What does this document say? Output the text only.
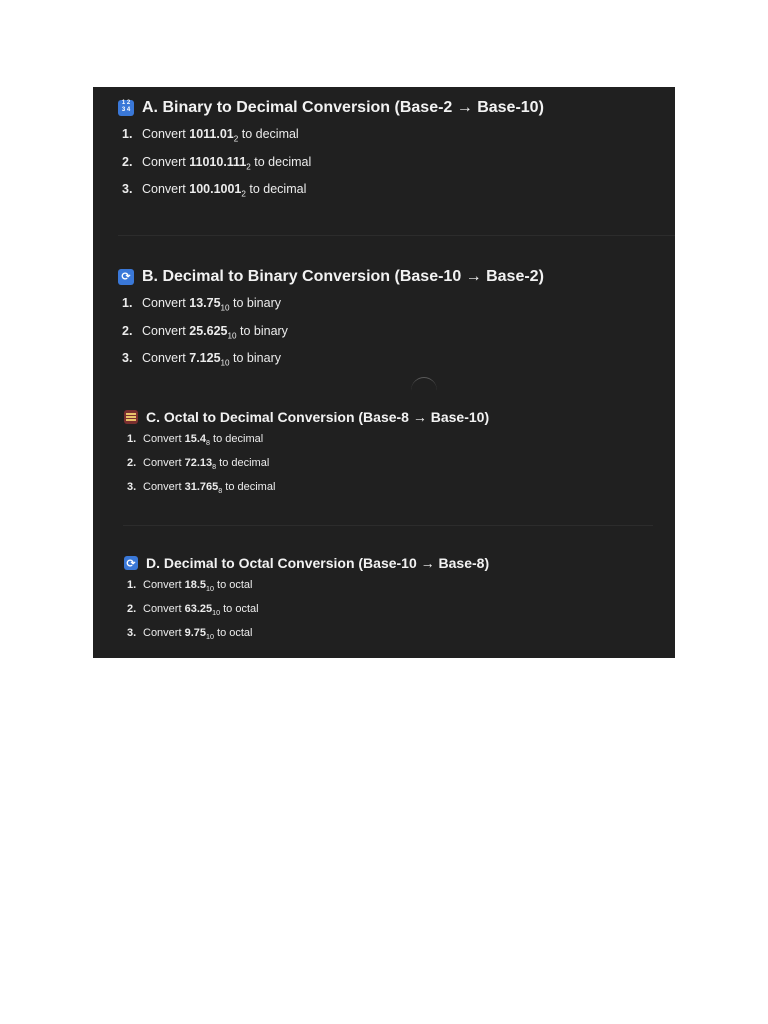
1 2
3 4 A. Binary to Decimal Conversion (Base-2 → Base-10)
1. Convert $1011.01_2$ to decimal
2. Convert $11010.111_2$ to decimal
3. Convert $100.1001_2$ to decimal
⟳ B. Decimal to Binary Conversion (Base-10 → Base-2)
1. Convert $13.75_{10}$ to binary
2. Convert $25.625_{10}$ to binary
3. Convert $7.125_{10}$ to binary
C. Octal to Decimal Conversion (Base-8 → Base-10)
1. Convert $15.4_8$ to decimal
2. Convert $72.13_8$ to decimal
3. Convert $31.765_8$ to decimal
⟳ D. Decimal to Octal Conversion (Base-10 → Base-8)
1. Convert $18.5_{10}$ to octal
2. Convert $63.25_{10}$ to octal
3. Convert $9.75_{10}$ to octal
